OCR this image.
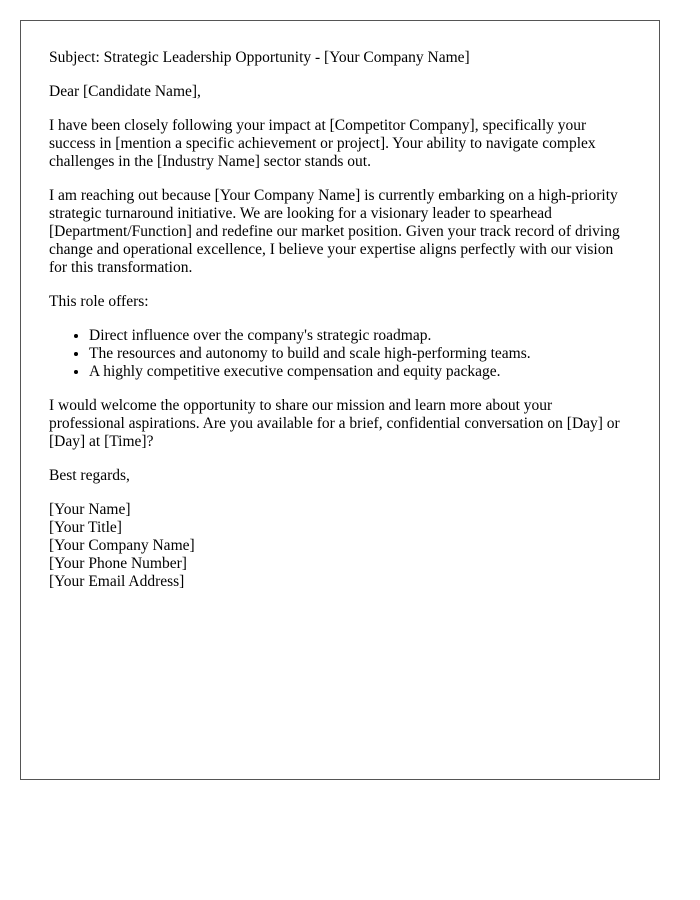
Subject: Strategic Leadership Opportunity - [Your Company Name]

Dear [Candidate Name],

I have been closely following your impact at [Competitor Company], specifically your success in [mention a specific achievement or project]. Your ability to navigate complex challenges in the [Industry Name] sector stands out.

I am reaching out because [Your Company Name] is currently embarking on a high-priority strategic turnaround initiative. We are looking for a visionary leader to spearhead [Department/Function] and redefine our market position. Given your track record of driving change and operational excellence, I believe your expertise aligns perfectly with our vision for this transformation.

This role offers:

• Direct influence over the company's strategic roadmap.
• The resources and autonomy to build and scale high-performing teams.
• A highly competitive executive compensation and equity package.

I would welcome the opportunity to share our mission and learn more about your professional aspirations. Are you available for a brief, confidential conversation on [Day] or [Day] at [Time]?

Best regards,

[Your Name]
[Your Title]
[Your Company Name]
[Your Phone Number]
[Your Email Address]
